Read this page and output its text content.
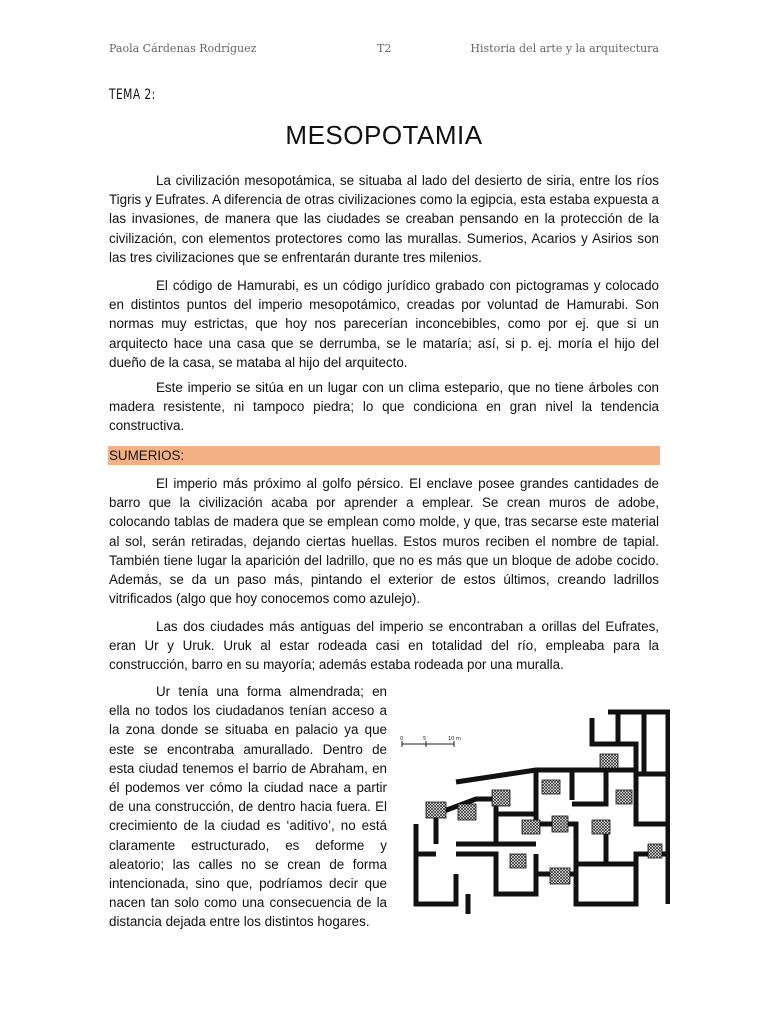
Paola Cárdenas Rodríguez	T2	Historia del arte y la arquitectura
TEMA 2:
MESOPOTAMIA

La civilización mesopotámica, se situaba al lado del desierto de siria, entre los ríos Tigris y Eufrates. A diferencia de otras civilizaciones como la egipcia, esta estaba expuesta a las invasiones, de manera que las ciudades se creaban pensando en la protección de la civilización, con elementos protectores como las murallas. Sumerios, Acarios y Asirios son las tres civilizaciones que se enfrentarán durante tres milenios.

El código de Hamurabi, es un código jurídico grabado con pictogramas y colocado en distintos puntos del imperio mesopotámico, creadas por voluntad de Hamurabi. Son normas muy estrictas, que hoy nos parecerían inconcebibles, como por ej. que si un arquitecto hace una casa que se derrumba, se le mataría; así, si p. ej. moría el hijo del dueño de la casa, se mataba al hijo del arquitecto.

Este imperio se sitúa en un lugar con un clima estepario, que no tiene árboles con madera resistente, ni tampoco piedra; lo que condiciona en gran nivel la tendencia constructiva.

SUMERIOS:

El imperio más próximo al golfo pérsico. El enclave posee grandes cantidades de barro que la civilización acaba por aprender a emplear. Se crean muros de adobe, colocando tablas de madera que se emplean como molde, y que, tras secarse este material al sol, serán retiradas, dejando ciertas huellas. Estos muros reciben el nombre de tapial. También tiene lugar la aparición del ladrillo, que no es más que un bloque de adobe cocido. Además, se da un paso más, pintando el exterior de estos últimos, creando ladrillos vitrificados (algo que hoy conocemos como azulejo).

Las dos ciudades más antiguas del imperio se encontraban a orillas del Eufrates, eran Ur y Uruk. Uruk al estar rodeada casi en totalidad del río, empleaba para la construcción, barro en su mayoría; además estaba rodeada por una muralla.

Ur tenía una forma almendrada; en ella no todos los ciudadanos tenían acceso a la zona donde se situaba en palacio ya que este se encontraba amurallado. Dentro de esta ciudad tenemos el barrio de Abraham, en él podemos ver cómo la ciudad nace a partir de una construcción, de dentro hacia fuera. El crecimiento de la ciudad es ‘aditivo’, no está claramente estructurado, es deforme y aleatorio; las calles no se crean de forma intencionada, sino que, podríamos decir que nacen tan solo como una consecuencia de la distancia dejada entre los distintos hogares.

0	5	10 m
